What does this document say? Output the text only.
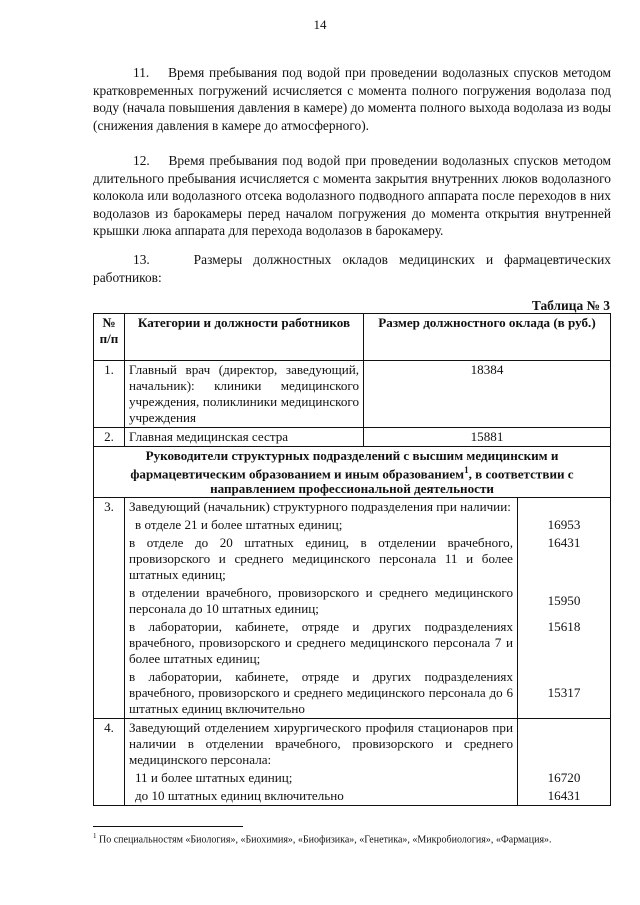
14
11. Время пребывания под водой при проведении водолазных спусков методом кратковременных погружений исчисляется с момента полного погружения водолаза под воду (начала повышения давления в камере) до момента полного выхода водолаза из воды (снижения давления в камере до атмосферного).
12. Время пребывания под водой при проведении водолазных спусков методом длительного пребывания исчисляется с момента закрытия внутренних люков водолазного колокола или водолазного отсека водолазного подводного аппарата после переходов в них водолазов из барокамеры перед началом погружения до момента открытия внутренней крышки люка аппарата для перехода водолазов в барокамеру.
13.	Размеры должностных окладов медицинских и фармацевтических работников:
Таблица № 3
№ п/п	Категории и должности работников	Размер должностного оклада (в руб.)	
1.	Главный врач (директор, заведующий, начальник): клиники медицинского учреждения, поликлиники медицинского учреждения	18384	
2.	Главная медицинская сестра	15881	
Руководители структурных подразделений с высшим медицинским и фармацевтическим образованием и иным образованием$^1$, в соответствии с направлением профессиональной деятельности			
3.	Заведующий (начальник) структурного подразделения при наличии:		
	в отделе 21 и более штатных единиц;		16953
	в отделе до 20 штатных единиц, в отделении врачебного, провизорского и среднего медицинского персонала 11 и более штатных единиц;		16431
	в отделении врачебного, провизорского и среднего медицинского персонала до 10 штатных единиц;		15950
	в лаборатории, кабинете, отряде и других подразделениях врачебного, провизорского и среднего медицинского персонала 7 и более штатных единиц;		15618
	в лаборатории, кабинете, отряде и других подразделениях врачебного, провизорского и среднего медицинского персонала до 6 штатных единиц включительно		15317
4.	Заведующий отделением хирургического профиля стационаров при наличии в отделении врачебного, провизорского и среднего медицинского персонала:		
	11 и более штатных единиц;		16720
	до 10 штатных единиц включительно		16431
$^1$ По специальностям «Биология», «Биохимия», «Биофизика», «Генетика», «Микробиология», «Фармация».
